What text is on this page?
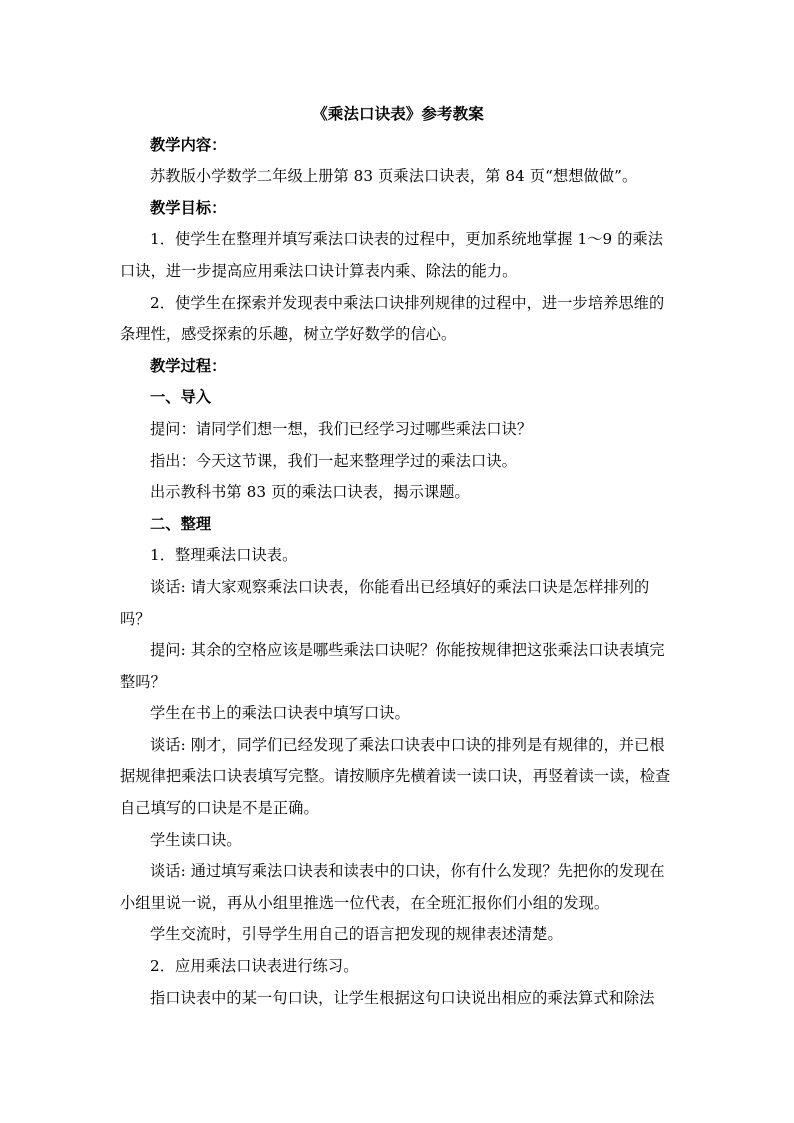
《乘法口诀表》参考教案

教学内容：

苏教版小学数学二年级上册第 83 页乘法口诀表，第 84 页“想想做做”。

教学目标：

1．使学生在整理并填写乘法口诀表的过程中，更加系统地掌握 1～9 的乘法口诀，进一步提高应用乘法口诀计算表内乘、除法的能力。

2．使学生在探索并发现表中乘法口诀排列规律的过程中，进一步培养思维的条理性，感受探索的乐趣，树立学好数学的信心。

教学过程：

一、导入

提问：请同学们想一想，我们已经学习过哪些乘法口诀？

指出：今天这节课，我们一起来整理学过的乘法口诀。

出示教科书第 83 页的乘法口诀表，揭示课题。

二、整理

1．整理乘法口诀表。

谈话: 请大家观察乘法口诀表，你能看出已经填好的乘法口诀是怎样排列的吗？

提问: 其余的空格应该是哪些乘法口诀呢？你能按规律把这张乘法口诀表填完整吗？

学生在书上的乘法口诀表中填写口诀。

谈话: 刚才，同学们已经发现了乘法口诀表中口诀的排列是有规律的，并已根据规律把乘法口诀表填写完整。请按顺序先横着读一读口诀，再竖着读一读，检查自己填写的口诀是不是正确。

学生读口诀。

谈话: 通过填写乘法口诀表和读表中的口诀，你有什么发现？先把你的发现在小组里说一说，再从小组里推选一位代表，在全班汇报你们小组的发现。

学生交流时，引导学生用自己的语言把发现的规律表述清楚。

2．应用乘法口诀表进行练习。

指口诀表中的某一句口诀，让学生根据这句口诀说出相应的乘法算式和除法
